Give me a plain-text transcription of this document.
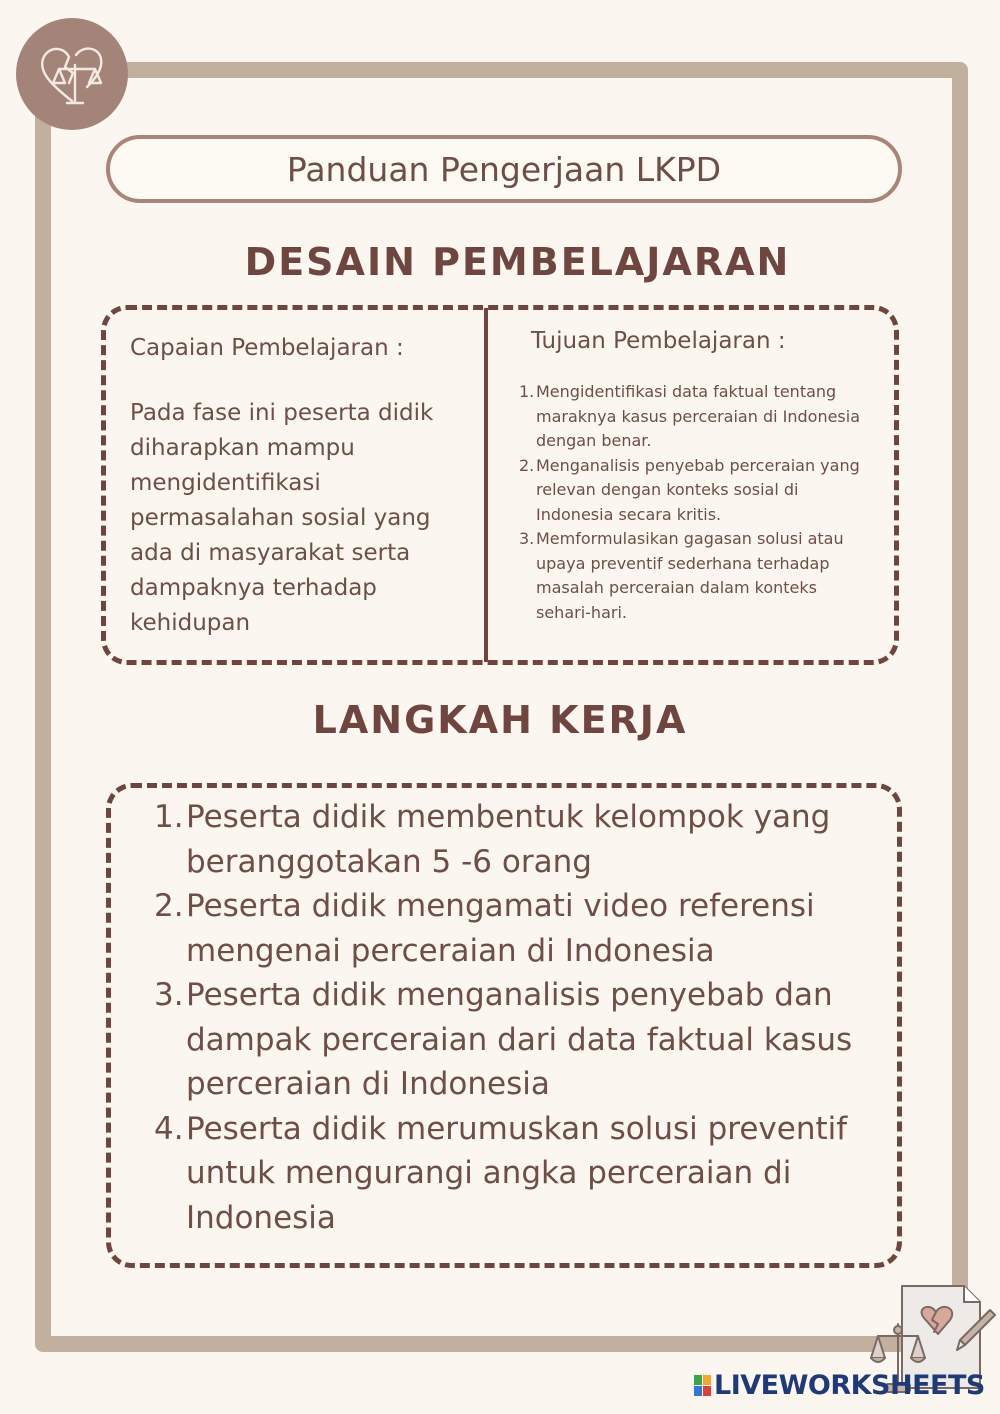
Panduan Pengerjaan LKPD
DESAIN PEMBELAJARAN
Capaian Pembelajaran :
Pada fase ini peserta didik diharapkan mampu mengidentifikasi permasalahan sosial yang ada di masyarakat serta dampaknya terhadap kehidupan
Tujuan Pembelajaran :
1. Mengidentifikasi data faktual tentang maraknya kasus perceraian di Indonesia dengan benar.
2. Menganalisis penyebab perceraian yang relevan dengan konteks sosial di Indonesia secara kritis.
3. Memformulasikan gagasan solusi atau upaya preventif sederhana terhadap masalah perceraian dalam konteks sehari-hari.
LANGKAH KERJA
1. Peserta didik membentuk kelompok yang beranggotakan 5 -6 orang
2. Peserta didik mengamati video referensi mengenai perceraian di Indonesia
3. Peserta didik menganalisis penyebab dan dampak perceraian dari data faktual kasus perceraian di Indonesia
4. Peserta didik merumuskan solusi preventif untuk mengurangi angka perceraian di Indonesia
LIVEWORKSHEETS
